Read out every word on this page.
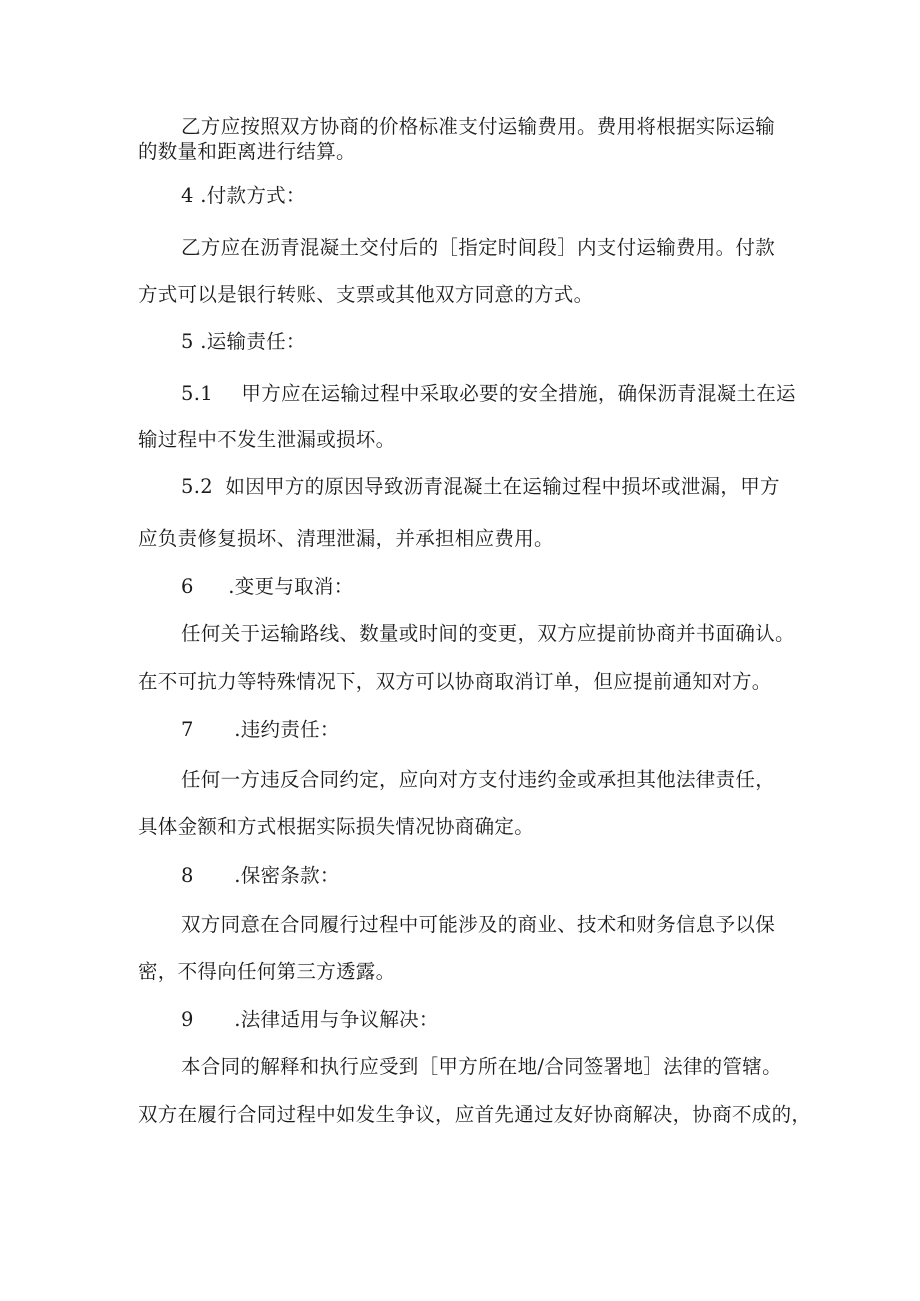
乙方应按照双方协商的价格标准支付运输费用。费用将根据实际运输
的数量和距离进行结算。
4 .付款方式：
乙方应在沥青混凝土交付后的［指定时间段］内支付运输费用。付款
方式可以是银行转账、支票或其他双方同意的方式。
5 .运输责任：
5.1 甲方应在运输过程中采取必要的安全措施，确保沥青混凝土在运
输过程中不发生泄漏或损坏。
5.2 如因甲方的原因导致沥青混凝土在运输过程中损坏或泄漏，甲方
应负责修复损坏、清理泄漏，并承担相应费用。
6 .变更与取消：
任何关于运输路线、数量或时间的变更，双方应提前协商并书面确认。
在不可抗力等特殊情况下，双方可以协商取消订单，但应提前通知对方。
7 .违约责任：
任何一方违反合同约定，应向对方支付违约金或承担其他法律责任，
具体金额和方式根据实际损失情况协商确定。
8 .保密条款：
双方同意在合同履行过程中可能涉及的商业、技术和财务信息予以保
密，不得向任何第三方透露。
9 .法律适用与争议解决：
本合同的解释和执行应受到［甲方所在地/合同签署地］法律的管辖。
双方在履行合同过程中如发生争议，应首先通过友好协商解决，协商不成的，
